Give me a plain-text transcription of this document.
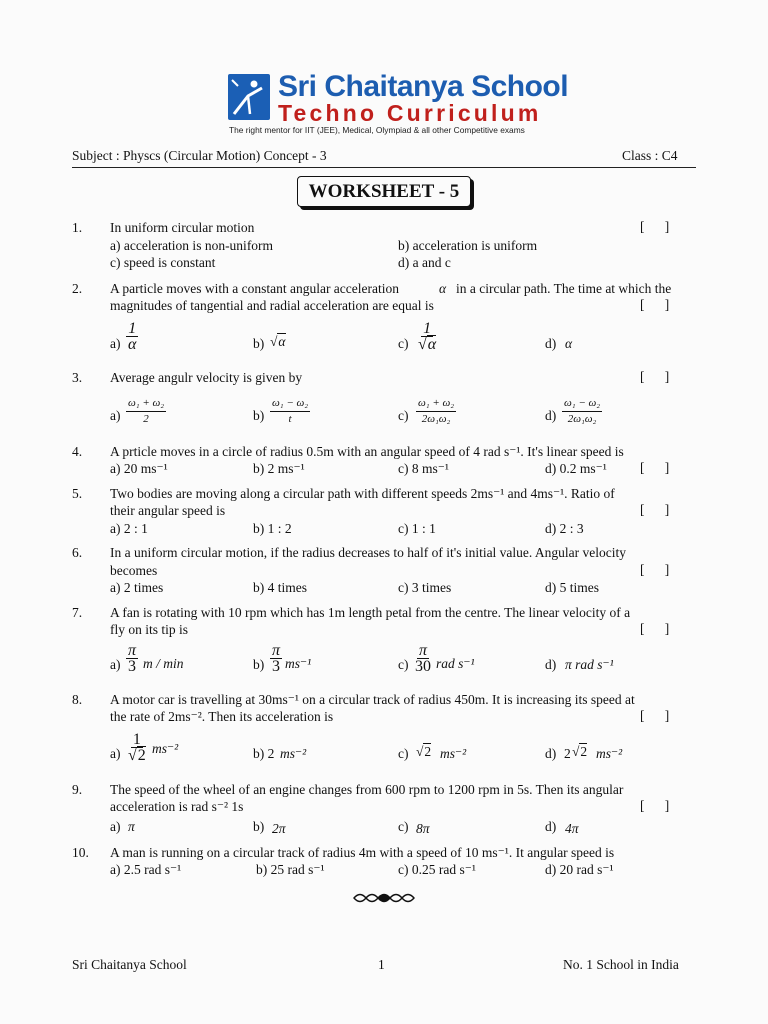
Sri Chaitanya School
Techno Curriculum
The right mentor for IIT (JEE), Medical, Olympiad & all other Competitive exams
Subject : Physcs (Circular Motion) Concept - 3	Class : C4
WORKSHEET - 5
1. In uniform circular motion	[      ]
a) acceleration is non-uniform	b) acceleration is uniform
c) speed is constant	d) a and c
2. A particle moves with a constant angular acceleration	α in a circular path. The time at which the
magnitudes of tangential and radial acceleration are equal is	[      ]
$a) \frac{1}{\alpha}$	b) √α	$c) \frac{1}{√\alpha}$	d) α
3. Average angulr velocity is given by	[      ]
$a) \frac{\text{ω₁ + ω₂}}{2}$	$b) \frac{\text{ω₁ − ω₂}}{t}$	$c) \frac{\text{ω₁ + ω₂}}{\text{2ω₁ω₂}}$	$d) \frac{\text{ω₁ − ω₂}}{\text{2ω₁ω₂}}$
4. A prticle moves in a circle of radius 0.5m with an angular speed of 4 rad s⁻¹. It's linear speed is
a) 20 ms⁻¹	b) 2 ms⁻¹	c) 8 ms⁻¹	d) 0.2 ms⁻¹ [      ]
5. Two bodies are moving along a circular path with different speeds 2ms⁻¹ and 4ms⁻¹. Ratio of
their angular speed is	[      ]
a) 2 : 1	b) 1 : 2	c) 1 : 1	d) 2 : 3
6. In a uniform circular motion, if the radius decreases to half of it's initial value. Angular velocity
becomes	[      ]
a) 2 times	b) 4 times	c) 3 times	d) 5 times
7. A fan is rotating with 10 rpm which has 1m length petal from the centre. The linear velocity of a
fly on its tip is	[      ]
$a) \frac{\pi}{3}$ m / min	$b) \frac{\pi}{3} ms^{-1}$	$c) \frac{\pi}{30}$ rad s⁻¹	d) π rad s⁻¹
8. A motor car is travelling at 30ms⁻¹ on a circular track of radius 450m. It is increasing its speed at
the rate of 2ms⁻². Then its acceleration is	[      ]
$a) \frac{1}{√2} ms^{-2}$	b) 2 ms⁻²	c) √2 ms⁻²	d) 2 √2 ms⁻²
9. The speed of the wheel of an engine changes from 600 rpm to 1200 rpm in 5s. Then its angular
acceleration is rad s⁻² 1s	[      ]
a) π	b) 2π	c) 8π	d) 4π
10. A man is running on a circular track of radius 4m with a speed of 10 ms⁻¹. It angular speed is
a) 2.5 rad s⁻¹	b) 25 rad s⁻¹	c) 0.25 rad s⁻¹	d) 20 rad s⁻¹
Sri Chaitanya School	1	No. 1 School in India
